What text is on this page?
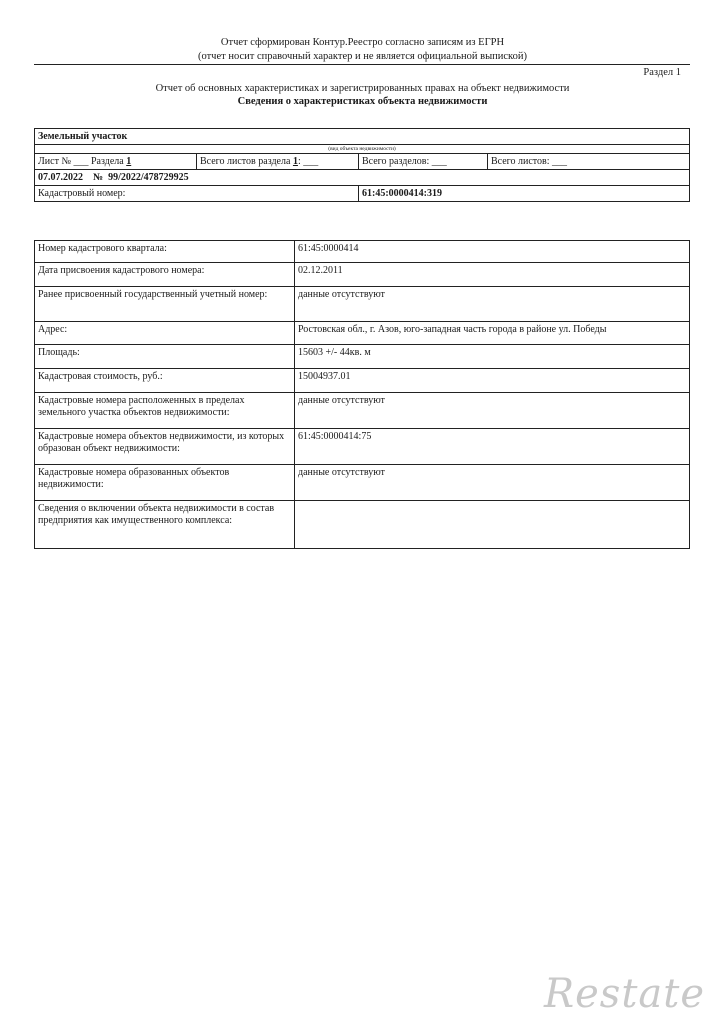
Отчет сформирован Контур.Реестро согласно записям из ЕГРН
(отчет носит справочный характер и не является официальной выпиской)
Раздел 1
Отчет об основных характеристиках и зарегистрированных правах на объект недвижимости
Сведения о характеристиках объекта недвижимости
Земельный участок			
(вид объекта недвижимости)			
Лист № ___ Раздела 1	Всего листов раздела 1: ___	Всего разделов: ___	Всего листов: ___
07.07.2022 № 99/2022/478729925			
Кадастровый номер:		61:45:0000414:319	
Номер кадастрового квартала:	61:45:0000414
Дата присвоения кадастрового номера:	02.12.2011
Ранее присвоенный государственный учетный номер:	данные отсутствуют
Адрес:	Ростовская обл., г. Азов, юго-западная часть города в районе ул. Победы
Площадь:	15603 +/- 44кв. м
Кадастровая стоимость, руб.:	15004937.01
Кадастровые номера расположенных в пределах земельного участка объектов недвижимости:	данные отсутствуют
Кадастровые номера объектов недвижимости, из которых образован объект недвижимости:	61:45:0000414:75
Кадастровые номера образованных объектов недвижимости:	данные отсутствуют
Сведения о включении объекта недвижимости в состав предприятия как имущественного комплекса:	
Restate
